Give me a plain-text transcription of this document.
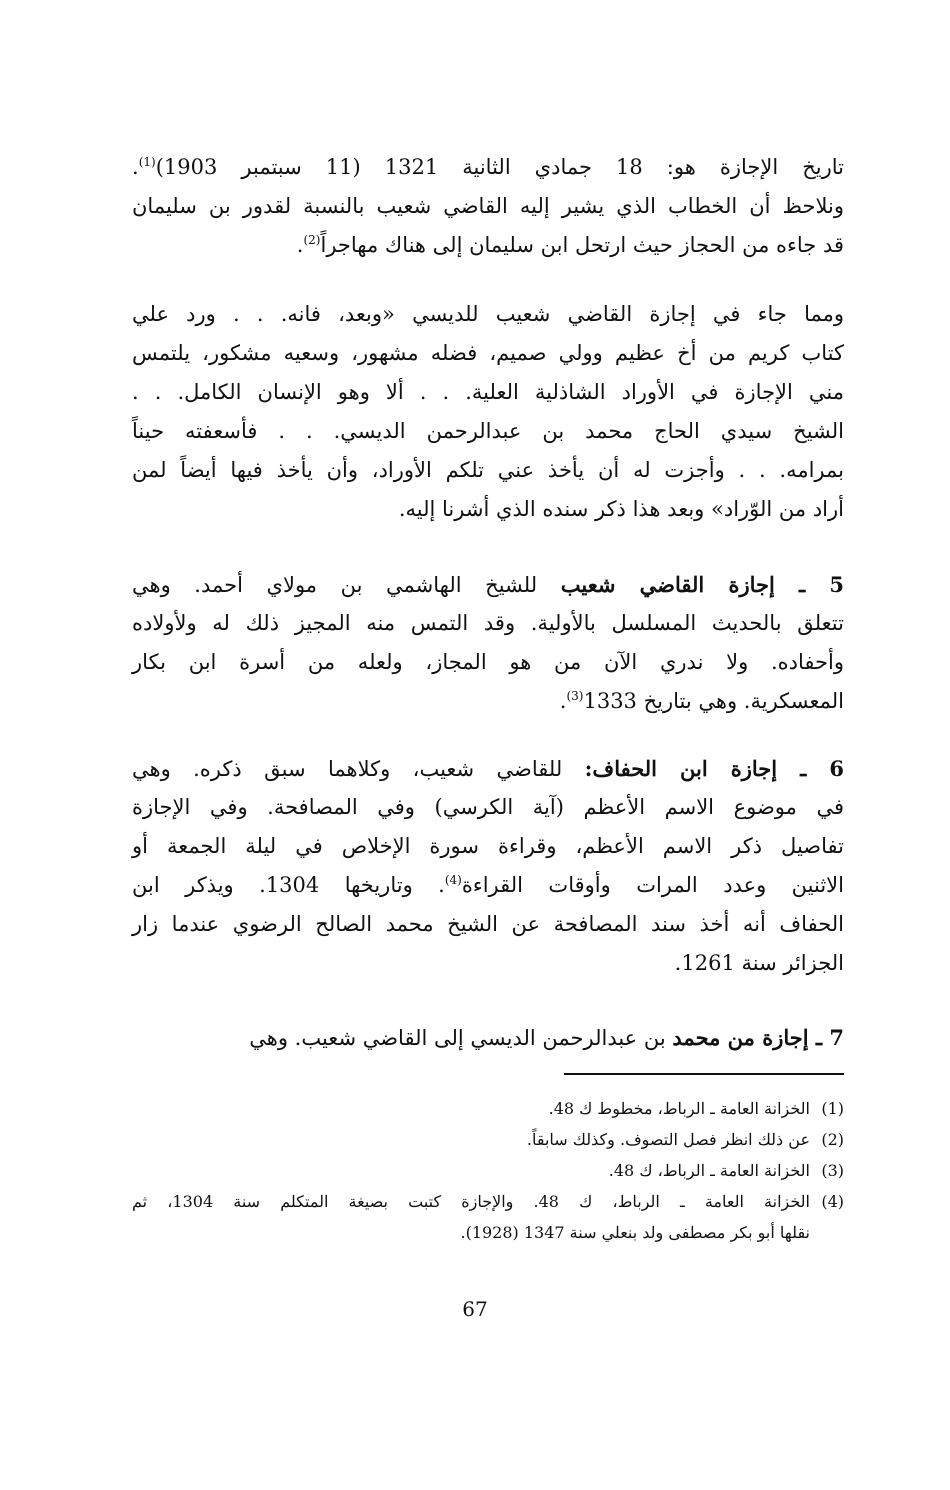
تاريخ الإجازة هو: 18 جمادي الثانية 1321 (11 سبتمبر 1903)$^{(1)}$.
ونلاحظ أن الخطاب الذي يشير إليه القاضي شعيب بالنسبة لقدور بن سليمان
قد جاءه من الحجاز حيث ارتحل ابن سليمان إلى هناك مهاجراً$^{(2)}$.
ومما جاء في إجازة القاضي شعيب للديسي «وبعد، فانه. . . ورد علي
كتاب كريم من أخ عظيم وولي صميم، فضله مشهور، وسعيه مشكور، يلتمس
مني الإجازة في الأوراد الشاذلية العلية. . . ألا وهو الإنسان الكامل. . .
الشيخ سيدي الحاج محمد بن عبدالرحمن الديسي. . . فأسعفته حيناً
بمرامه. . . وأجزت له أن يأخذ عني تلكم الأوراد، وأن يأخذ فيها أيضاً لمن
أراد من الوّراد» وبعد هذا ذكر سنده الذي أشرنا إليه.
5 ـ إجازة القاضي شعيب للشيخ الهاشمي بن مولاي أحمد. وهي
تتعلق بالحديث المسلسل بالأولية. وقد التمس منه المجيز ذلك له ولأولاده
وأحفاده. ولا ندري الآن من هو المجاز، ولعله من أسرة ابن بكار
المعسكرية. وهي بتاريخ 1333$^{(3)}$.
6 ـ إجازة ابن الحفاف: للقاضي شعيب، وكلاهما سبق ذكره. وهي
في موضوع الاسم الأعظم (آية الكرسي) وفي المصافحة. وفي الإجازة
تفاصيل ذكر الاسم الأعظم، وقراءة سورة الإخلاص في ليلة الجمعة أو
الاثنين وعدد المرات وأوقات القراءة$^{(4)}$. وتاريخها 1304. ويذكر ابن
الحفاف أنه أخذ سند المصافحة عن الشيخ محمد الصالح الرضوي عندما زار
الجزائر سنة 1261.
7 ـ إجازة من محمد بن عبدالرحمن الديسي إلى القاضي شعيب. وهي
(1)
الخزانة العامة ـ الرباط، مخطوط ك 48.
(2)
عن ذلك انظر فصل التصوف. وكذلك سابقاً.
(3)
الخزانة العامة ـ الرباط، ك 48.
(4)
الخزانة العامة ـ الرباط، ك 48. والإجازة كتبت بصيغة المتكلم سنة 1304، ثم
نقلها أبو بكر مصطفى ولد بنعلي سنة 1347 (1928).
67
